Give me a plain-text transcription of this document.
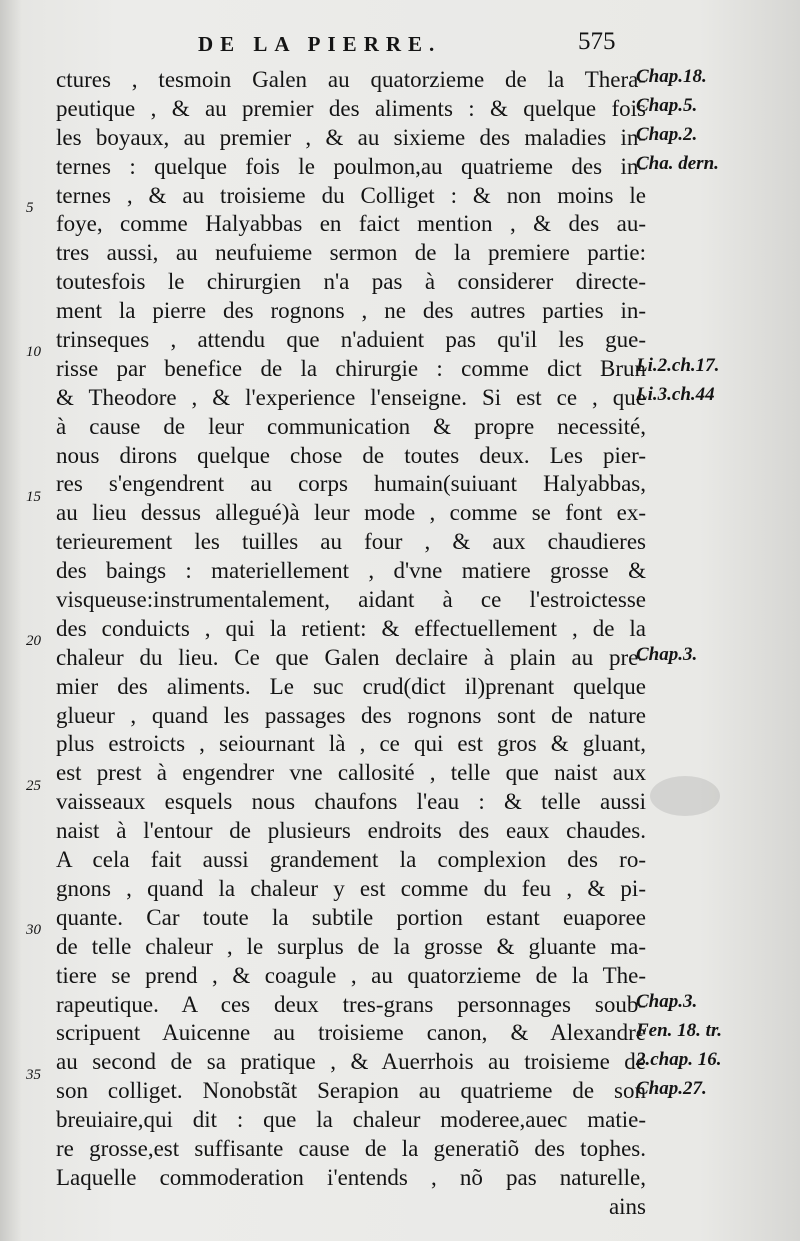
DE LA PIERRE.	575
5
10
15
20
25
30
35
ctures , tesmoin Galen au quatorzieme de la Thera-
peutique , & au premier des aliments : & quelque fois
les boyaux, au premier , & au sixieme des maladies in-
ternes : quelque fois le poulmon,au quatrieme des in-
ternes , & au troisieme du Colliget : & non moins le
foye, comme Halyabbas en faict mention , & des au-
tres aussi, au neufuieme sermon de la premiere partie:
toutesfois le chirurgien n'a pas à considerer directe-
ment la pierre des rognons , ne des autres parties in-
trinseques , attendu que n'aduient pas qu'il les gue-
risse par benefice de la chirurgie : comme dict Brun
& Theodore , & l'experience l'enseigne. Si est ce , que
à cause de leur communication & propre necessité,
nous dirons quelque chose de toutes deux. Les pier-
res s'engendrent au corps humain(suiuant Halyabbas,
au lieu dessus allegué)à leur mode , comme se font ex-
terieurement les tuilles au four , & aux chaudieres
des baings : materiellement , d'vne matiere grosse &
visqueuse:instrumentalement, aidant à ce l'estroictesse
des conduicts , qui la retient: & effectuellement , de la
chaleur du lieu. Ce que Galen declaire à plain au pre-
mier des aliments. Le suc crud(dict il)prenant quelque
glueur , quand les passages des rognons sont de nature
plus estroicts , seiournant là , ce qui est gros & gluant,
est prest à engendrer vne callosité , telle que naist aux
vaisseaux esquels nous chaufons l'eau : & telle aussi
naist à l'entour de plusieurs endroits des eaux chaudes.
A cela fait aussi grandement la complexion des ro-
gnons , quand la chaleur y est comme du feu , & pi-
quante. Car toute la subtile portion estant euaporee
de telle chaleur , le surplus de la grosse & gluante ma-
tiere se prend , & coagule , au quatorzieme de la The-
rapeutique. A ces deux tres-grans personnages soub-
scripuent Auicenne au troisieme canon, & Alexandre
au second de sa pratique , & Auerrhois au troisieme de
son colliget. Nonobstãt Serapion au quatrieme de son
breuiaire,qui dit : que la chaleur moderee,auec matie-
re grosse,est suffisante cause de la generatiõ des tophes.
Laquelle commoderation i'entends , nõ pas naturelle,
ains
Chap.18.
Chap.5.
Chap.2.
Cha. dern.
Li.2.ch.17.
Li.3.ch.44
Chap.3.
Chap.3.
Fen. 18. tr.
2.chap. 16.
Chap.27.
